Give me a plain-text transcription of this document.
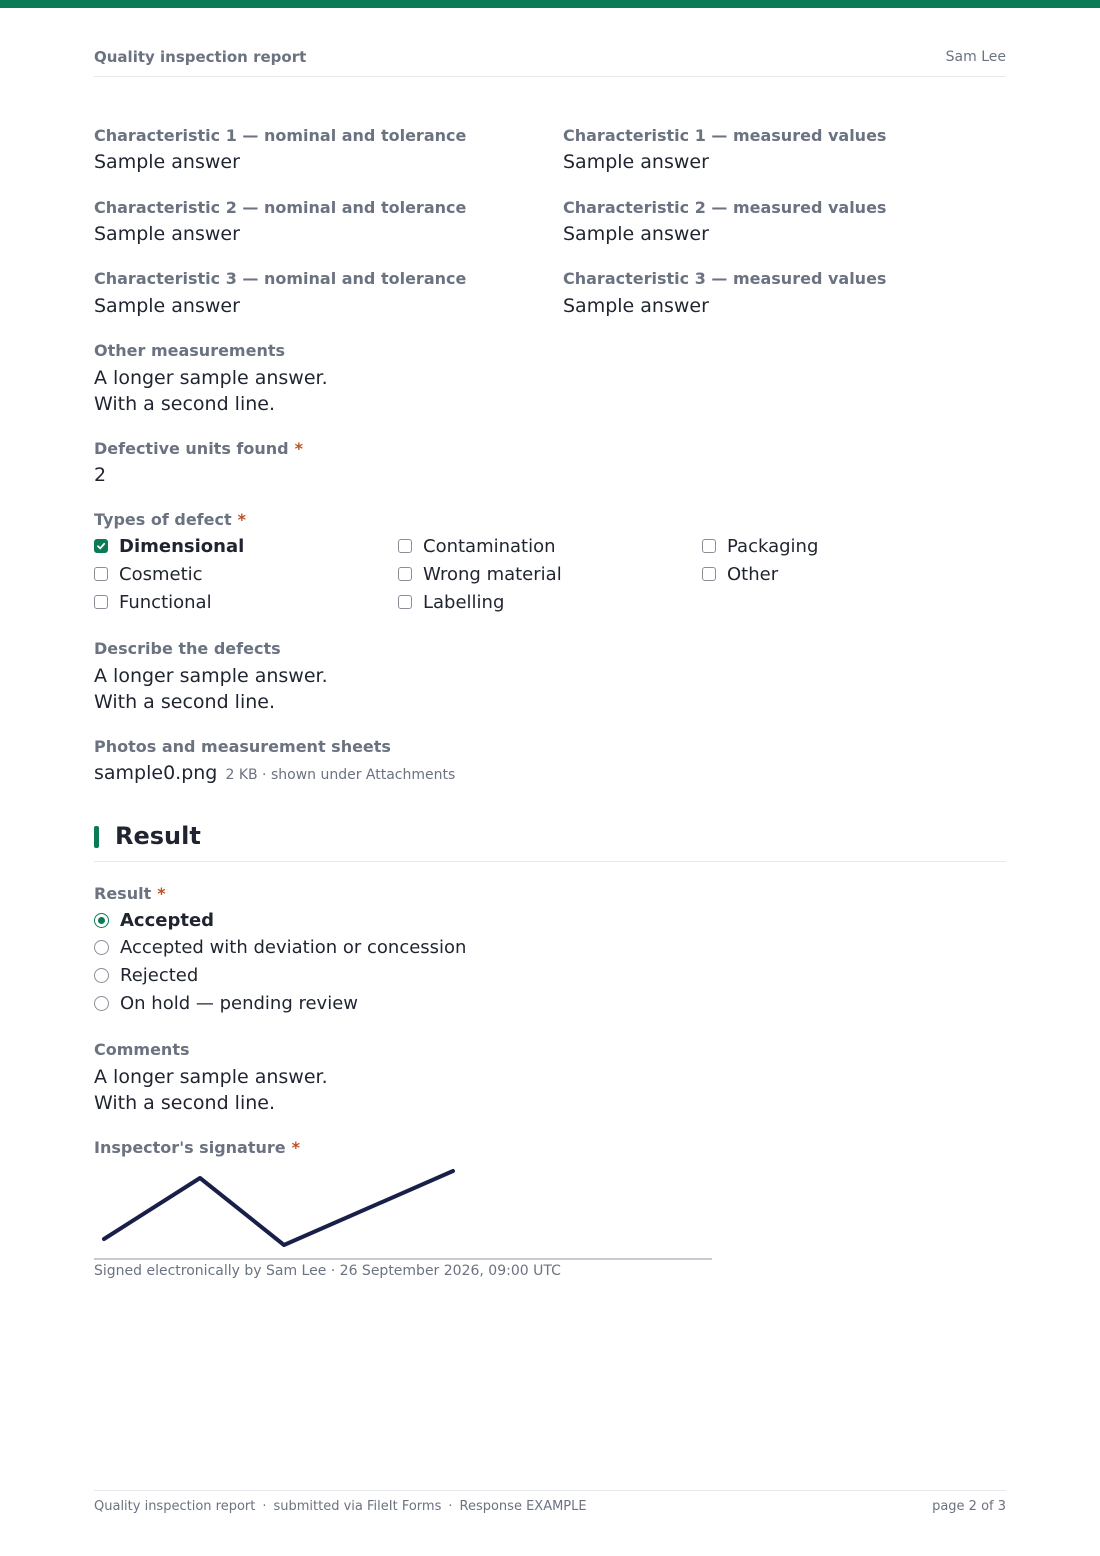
Quality inspection report	Sam Lee
Characteristic 1 — nominal and tolerance
Sample answer
Characteristic 1 — measured values
Sample answer
Characteristic 2 — nominal and tolerance
Sample answer
Characteristic 2 — measured values
Sample answer
Characteristic 3 — nominal and tolerance
Sample answer
Characteristic 3 — measured values
Sample answer
Other measurements
A longer sample answer.
With a second line.
Defective units found *
2
Types of defect *
Dimensional
Cosmetic
Functional
Contamination
Wrong material
Labelling
Packaging
Other
Describe the defects
A longer sample answer.
With a second line.
Photos and measurement sheets
sample0.png 2 KB · shown under Attachments
Result
Result *
Accepted
Accepted with deviation or concession
Rejected
On hold — pending review
Comments
A longer sample answer.
With a second line.
Inspector's signature *
Signed electronically by Sam Lee · 26 September 2026, 09:00 UTC
Quality inspection report · submitted via FileIt Forms · Response EXAMPLE	page 2 of 3
